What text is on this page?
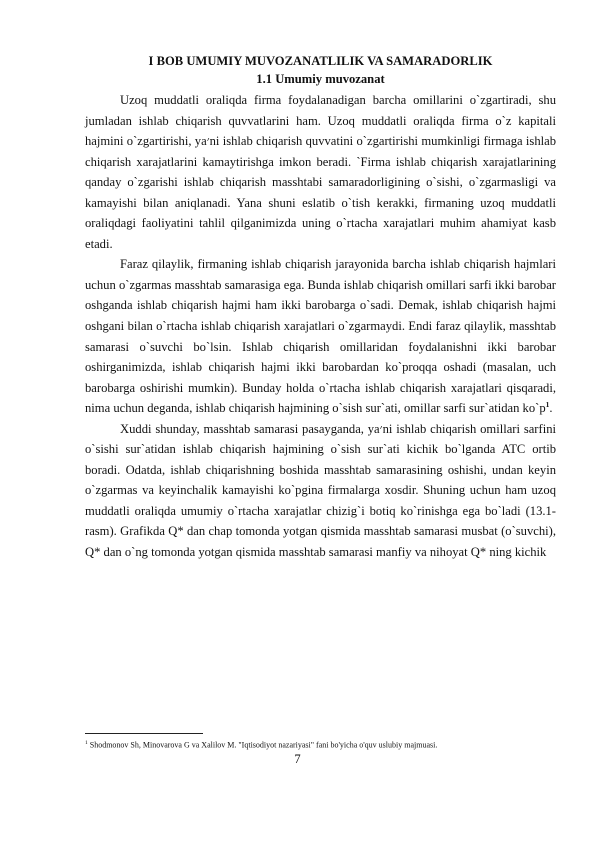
I BOB UMUMIY MUVOZANATLILIK VA SAMARADORLIK

1.1 Umumiy muvozanat

Uzoq muddatli oraliqda firma foydalanadigan barcha omillarini o`zgartiradi, shu jumladan ishlab chiqarish quvvatlarini ham. Uzoq muddatli oraliqda firma o`z kapitali hajmini o`zgartirishi, ya׳ni ishlab chiqarish quvvatini o`zgartirishi mumkinligi firmaga ishlab chiqarish xarajatlarini kamaytirishga imkon beradi. `Firma ishlab chiqarish xarajatlarining qanday o`zgarishi ishlab chiqarish masshtabi samaradorligining o`sishi, o`zgarmasligi va kamayishi bilan aniqlanadi. Yana shuni eslatib o`tish kerakki, firmaning uzoq muddatli oraliqdagi faoliyatini tahlil qilganimizda uning o`rtacha xarajatlari muhim ahamiyat kasb etadi.

Faraz qilaylik, firmaning ishlab chiqarish jarayonida barcha ishlab chiqarish hajmlari uchun o`zgarmas masshtab samarasiga ega. Bunda ishlab chiqarish omillari sarfi ikki barobar oshganda ishlab chiqarish hajmi ham ikki barobarga o`sadi. Demak, ishlab chiqarish hajmi oshgani bilan o`rtacha ishlab chiqarish xarajatlari o`zgarmaydi. Endi faraz qilaylik, masshtab samarasi o`suvchi bo`lsin. Ishlab chiqarish omillaridan foydalanishni ikki barobar oshirganimizda, ishlab chiqarish hajmi ikki barobardan ko`proqqa oshadi (masalan, uch barobarga oshirishi mumkin). Bunday holda o`rtacha ishlab chiqarish xarajatlari qisqaradi, nima uchun deganda, ishlab chiqarish hajmining o`sish sur`ati, omillar sarfi sur`atidan $ko`p^1$.

Xuddi shunday, masshtab samarasi pasayganda, ya׳ni ishlab chiqarish omillari sarfini o`sishi sur`atidan ishlab chiqarish hajmining o`sish sur`ati kichik bo`lganda ATC ortib boradi. Odatda, ishlab chiqarishning boshida masshtab samarasining oshishi, undan keyin o`zgarmas va keyinchalik kamayishi ko`pgina firmalarga xosdir. Shuning uchun ham uzoq muddatli oraliqda umumiy o`rtacha xarajatlar chizig`i botiq ko`rinishga ega bo`ladi (13.1-rasm). Grafikda Q* dan chap tomonda yotgan qismida masshtab samarasi musbat (o`suvchi), Q* dan o`ng tomonda yotgan qismida masshtab samarasi manfiy va nihoyat Q* ning kichik

$^1$ Shodmonov Sh, Minovarova G va Xalilov M. "Iqtisodiyot nazariyasi" fani bo'yicha o'quv uslubiy majmuasi.
7
